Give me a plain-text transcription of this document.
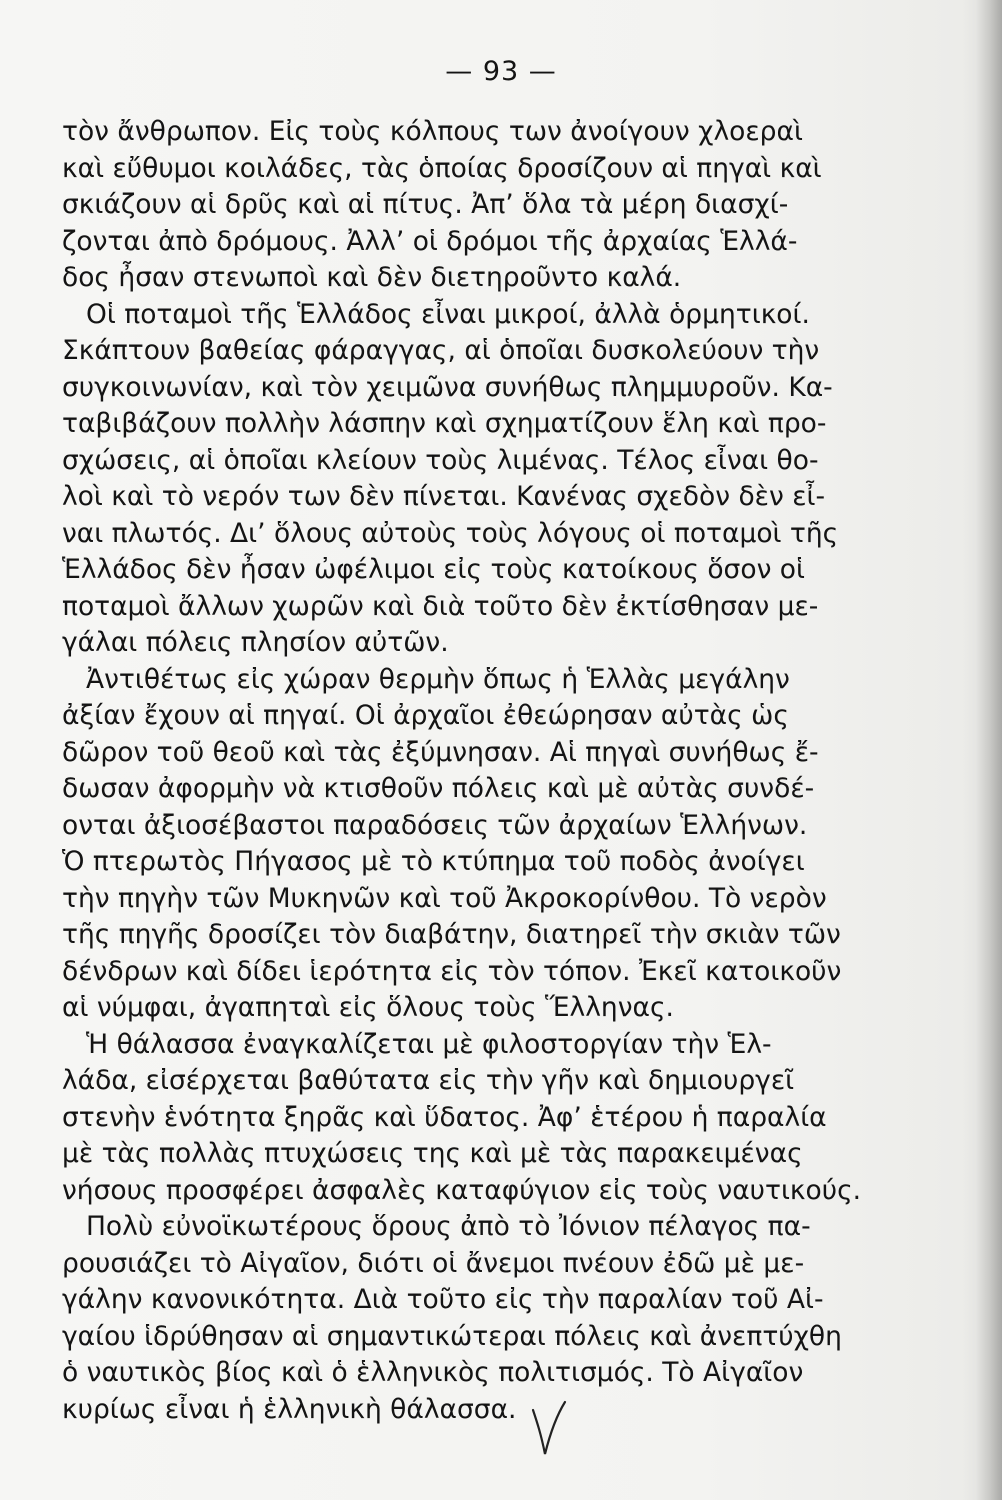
— 93 —
τὸν ἄνθρωπον. Εἰς τοὺς κόλπους των ἀνοίγουν χλοεραὶ
καὶ εὔθυμοι κοιλάδες, τὰς ὁποίας δροσίζουν αἱ πηγαὶ καὶ
σκιάζουν αἱ δρῦς καὶ αἱ πίτυς. Ἀπ’ ὅλα τὰ μέρη διασχί-
ζονται ἀπὸ δρόμους. Ἀλλ’ οἱ δρόμοι τῆς ἀρχαίας Ἑλλά-
δος ἦσαν στενωποὶ καὶ δὲν διετηροῦντο καλά.
Οἱ ποταμοὶ τῆς Ἑλλάδος εἶναι μικροί, ἀλλὰ ὁρμητικοί.
Σκάπτουν βαθείας φάραγγας, αἱ ὁποῖαι δυσκολεύουν τὴν
συγκοινωνίαν, καὶ τὸν χειμῶνα συνήθως πλημμυροῦν. Κα-
ταβιβάζουν πολλὴν λάσπην καὶ σχηματίζουν ἕλη καὶ προ-
σχώσεις, αἱ ὁποῖαι κλείουν τοὺς λιμένας. Τέλος εἶναι θο-
λοὶ καὶ τὸ νερόν των δὲν πίνεται. Κανένας σχεδὸν δὲν εἶ-
ναι πλωτός. Δι’ ὅλους αὐτοὺς τοὺς λόγους οἱ ποταμοὶ τῆς
Ἑλλάδος δὲν ἦσαν ὠφέλιμοι εἰς τοὺς κατοίκους ὅσον οἱ
ποταμοὶ ἄλλων χωρῶν καὶ διὰ τοῦτο δὲν ἐκτίσθησαν με-
γάλαι πόλεις πλησίον αὐτῶν.
Ἀντιθέτως εἰς χώραν θερμὴν ὅπως ἡ Ἑλλὰς μεγάλην
ἀξίαν ἔχουν αἱ πηγαί. Οἱ ἀρχαῖοι ἐθεώρησαν αὐτὰς ὡς
δῶρον τοῦ θεοῦ καὶ τὰς ἐξύμνησαν. Αἱ πηγαὶ συνήθως ἔ-
δωσαν ἀφορμὴν νὰ κτισθοῦν πόλεις καὶ μὲ αὐτὰς συνδέ-
ονται ἀξιοσέβαστοι παραδόσεις τῶν ἀρχαίων Ἑλλήνων.
Ὁ πτερωτὸς Πήγασος μὲ τὸ κτύπημα τοῦ ποδὸς ἀνοίγει
τὴν πηγὴν τῶν Μυκηνῶν καὶ τοῦ Ἀκροκορίνθου. Τὸ νερὸν
τῆς πηγῆς δροσίζει τὸν διαβάτην, διατηρεῖ τὴν σκιὰν τῶν
δένδρων καὶ δίδει ἱερότητα εἰς τὸν τόπον. Ἐκεῖ κατοικοῦν
αἱ νύμφαι, ἀγαπηταὶ εἰς ὅλους τοὺς Ἕλληνας.
Ἡ θάλασσα ἐναγκαλίζεται μὲ φιλοστοργίαν τὴν Ἑλ-
λάδα, εἰσέρχεται βαθύτατα εἰς τὴν γῆν καὶ δημιουργεῖ
στενὴν ἑνότητα ξηρᾶς καὶ ὕδατος. Ἀφ’ ἑτέρου ἡ παραλία
μὲ τὰς πολλὰς πτυχώσεις της καὶ μὲ τὰς παρακειμένας
νήσους προσφέρει ἀσφαλὲς καταφύγιον εἰς τοὺς ναυτικούς.
Πολὺ εὐνοϊκωτέρους ὅρους ἀπὸ τὸ Ἰόνιον πέλαγος πα-
ρουσιάζει τὸ Αἰγαῖον, διότι οἱ ἄνεμοι πνέουν ἐδῶ μὲ με-
γάλην κανονικότητα. Διὰ τοῦτο εἰς τὴν παραλίαν τοῦ Αἰ-
γαίου ἱδρύθησαν αἱ σημαντικώτεραι πόλεις καὶ ἀνεπτύχθη
ὁ ναυτικὸς βίος καὶ ὁ ἑλληνικὸς πολιτισμός. Τὸ Αἰγαῖον
κυρίως εἶναι ἡ ἑλληνικὴ θάλασσα.
